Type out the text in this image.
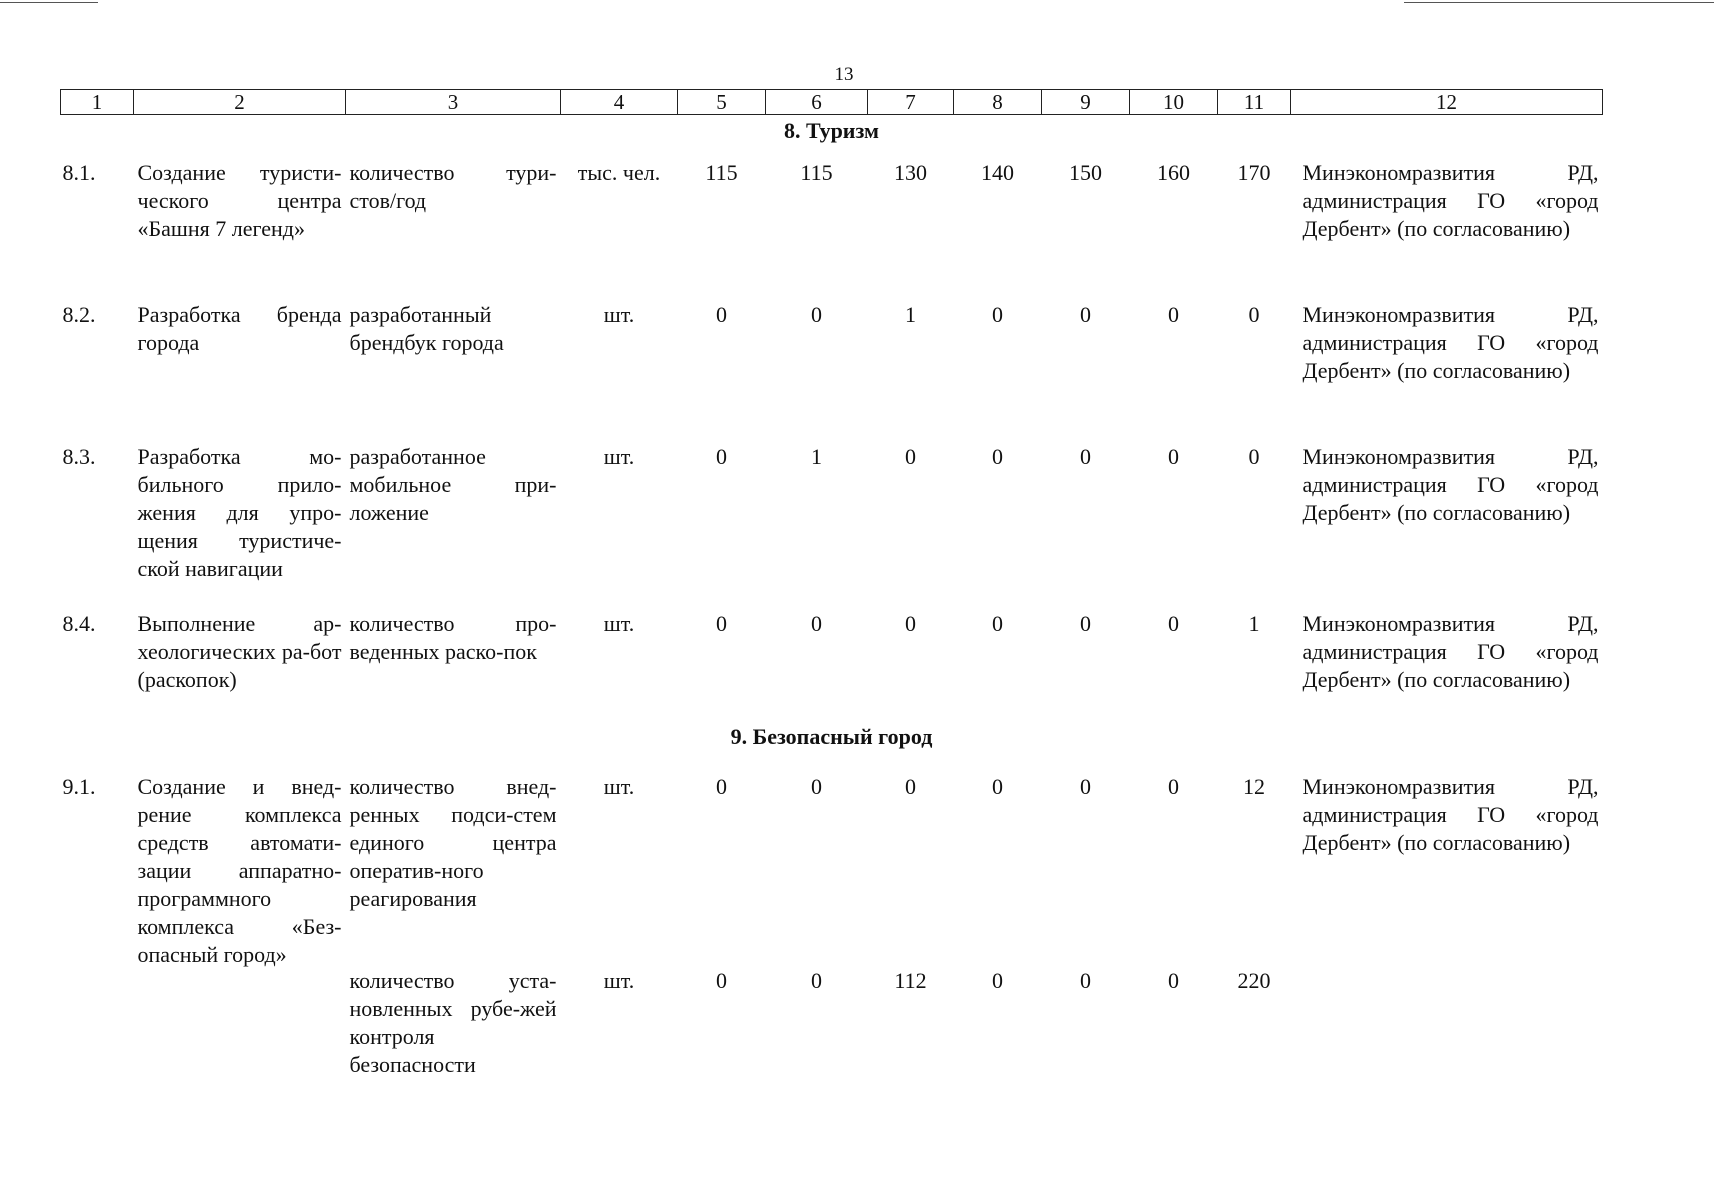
13
1	2	3	4	5	6	7	8	9	10	11	12
8. Туризм											
8.1.	Создание туристи-ческого центра «Башня 7 легенд»	количество тури-стов/год	тыс. чел.	115	115	130	140	150	160	170	Минэкономразвития РД, администрация ГО «город Дербент» (по согласованию)
8.2.	Разработка бренда города	разработанный брендбук города	шт.	0	0	1	0	0	0	0	Минэкономразвития РД, администрация ГО «город Дербент» (по согласованию)
8.3.	Разработка мо-бильного прило-жения для упро-щения туристиче-ской навигации	разработанное мобильное при-ложение	шт.	0	1	0	0	0	0	0	Минэкономразвития РД, администрация ГО «город Дербент» (по согласованию)
8.4.	Выполнение ар-хеологических ра-бот (раскопок)	количество про-веденных раско-пок	шт.	0	0	0	0	0	0	1	Минэкономразвития РД, администрация ГО «город Дербент» (по согласованию)
9. Безопасный город											
9.1.	Создание и внед-рение комплекса средств автомати-зации аппаратно-программного комплекса «Без-опасный город»	количество внед-ренных подси-стем единого центра оператив-ного реагирования	шт.	0	0	0	0	0	0	12	Минэкономразвития РД, администрация ГО «город Дербент» (по согласованию)
		количество уста-новленных рубе-жей контроля безопасности	шт.	0	0	112	0	0	0	220	
